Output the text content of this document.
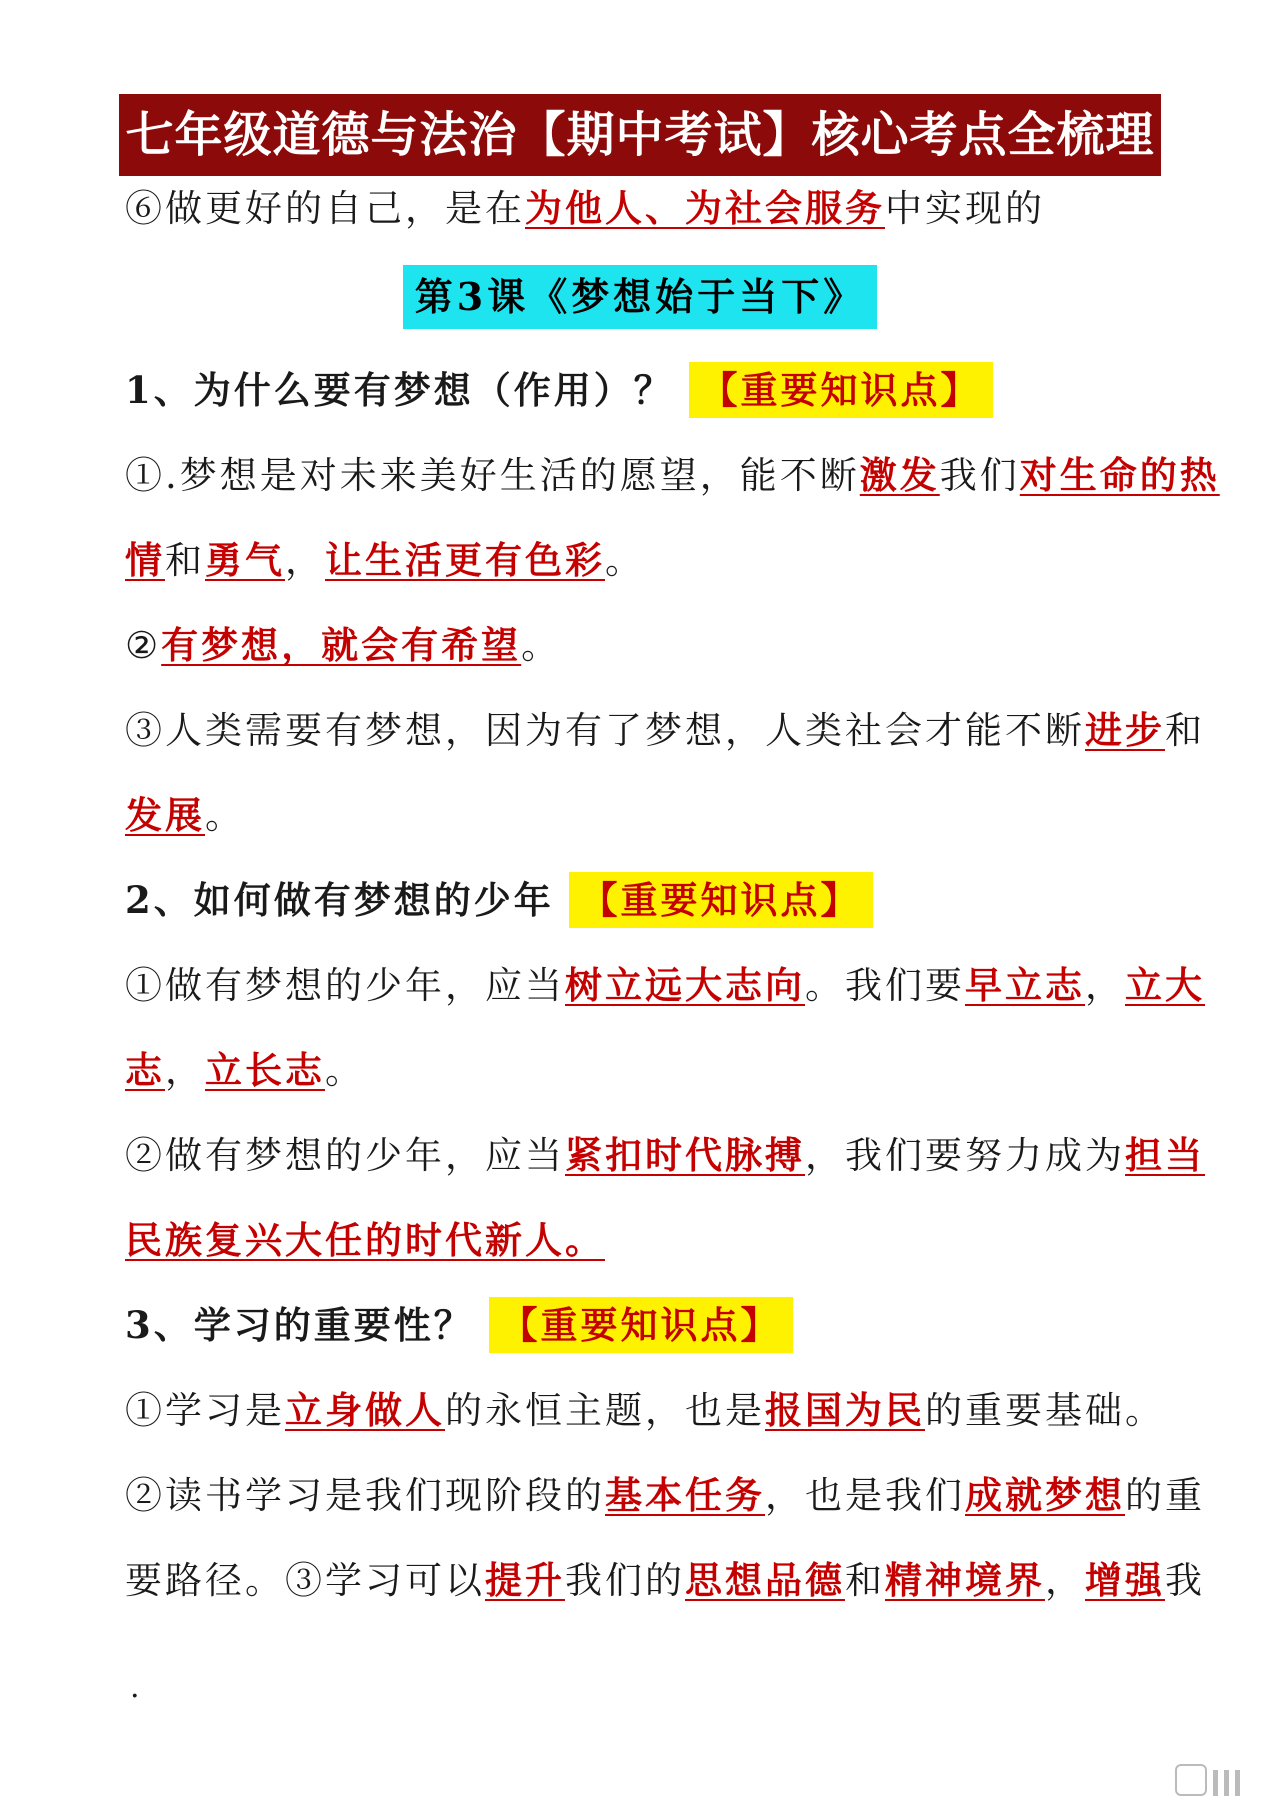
七年级道德与法治【期中考试】核心考点全梳理
⑥做更好的自己，是在为他人、为社会服务中实现的
第3课《梦想始于当下》
1、为什么要有梦想（作用）？ 【重要知识点】
①.梦想是对未来美好生活的愿望，能不断激发我们对生命的热
情和勇气，让生活更有色彩。
②有梦想，就会有希望。
③人类需要有梦想，因为有了梦想，人类社会才能不断进步和
发展。
2、如何做有梦想的少年 【重要知识点】
①做有梦想的少年，应当树立远大志向。我们要早立志，立大
志，立长志。
②做有梦想的少年，应当紧扣时代脉搏，我们要努力成为担当
民族复兴大任的时代新人。
3、学习的重要性？ 【重要知识点】
①学习是立身做人的永恒主题，也是报国为民的重要基础。
②读书学习是我们现阶段的基本任务，也是我们成就梦想的重
要路径。③学习可以提升我们的思想品德和精神境界，增强我
.
